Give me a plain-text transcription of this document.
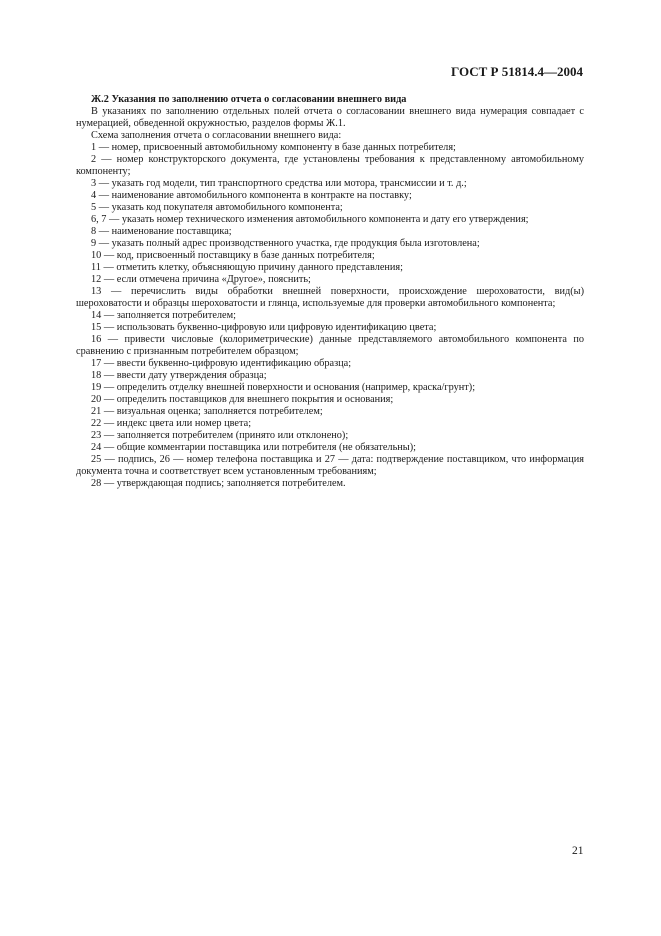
ГОСТ Р 51814.4—2004

Ж.2 Указания по заполнению отчета о согласовании внешнего вида

В указаниях по заполнению отдельных полей отчета о согласовании внешнего вида нумерация совпадает с нумерацией, обведенной окружностью, разделов формы Ж.1.

Схема заполнения отчета о согласовании внешнего вида:

1 — номер, присвоенный автомобильному компоненту в базе данных потребителя;

2 — номер конструкторского документа, где установлены требования к представленному автомобильному компоненту;

3 — указать год модели, тип транспортного средства или мотора, трансмиссии и т. д.;

4 — наименование автомобильного компонента в контракте на поставку;

5 — указать код покупателя автомобильного компонента;

6, 7 — указать номер технического изменения автомобильного компонента и дату его утверждения;

8 — наименование поставщика;

9 — указать полный адрес производственного участка, где продукция была изготовлена;

10 — код, присвоенный поставщику в базе данных потребителя;

11 — отметить клетку, объясняющую причину данного представления;

12 — если отмечена причина «Другое», пояснить;

13 — перечислить виды обработки внешней поверхности, происхождение шероховатости, вид(ы) шероховатости и образцы шероховатости и глянца, используемые для проверки автомобильного компонента;

14 — заполняется потребителем;

15 — использовать буквенно-цифровую или цифровую идентификацию цвета;

16 — привести числовые (колориметрические) данные представляемого автомобильного компонента по сравнению с признанным потребителем образцом;

17 — ввести буквенно-цифровую идентификацию образца;

18 — ввести дату утверждения образца;

19 — определить отделку внешней поверхности и основания (например, краска/грунт);

20 — определить поставщиков для внешнего покрытия и основания;

21 — визуальная оценка; заполняется потребителем;

22 — индекс цвета или номер цвета;

23 — заполняется потребителем (принято или отклонено);

24 — общие комментарии поставщика или потребителя (не обязательны);

25 — подпись, 26 — номер телефона поставщика и 27 — дата: подтверждение поставщиком, что информация документа точна и соответствует всем установленным требованиям;

28 — утверждающая подпись; заполняется потребителем.

21
